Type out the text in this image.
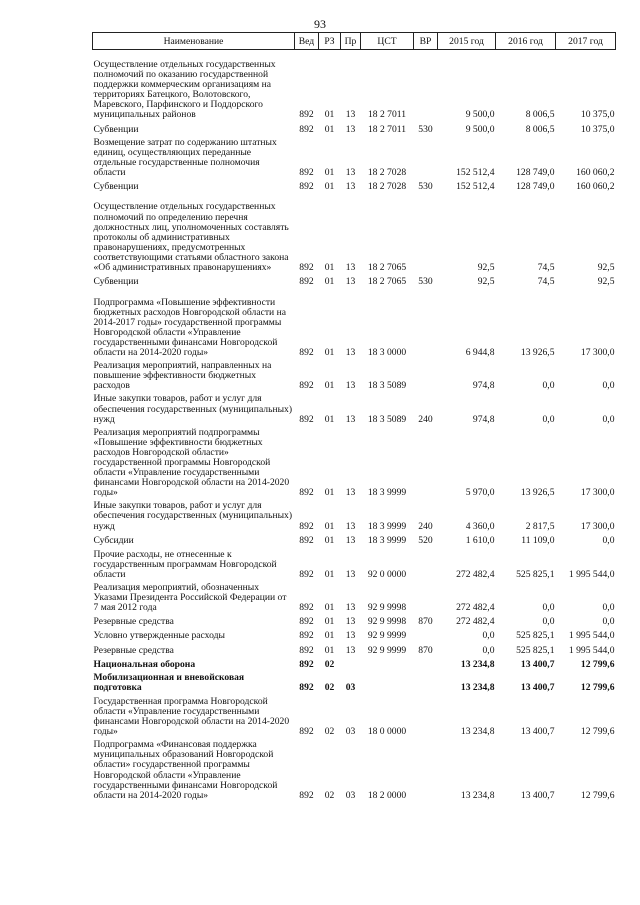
93
Наименование	Вед	РЗ	Пр	ЦСТ	ВР	2015 год	2016 год	2017 год
Осуществление отдельных государственных полномочий по оказанию государственной поддержки коммерческим организациям на территориях Батецкого, Волотовского, Маревского, Парфинского и Поддорского муниципальных районов	892	01	13	18 2 7011		9 500,0	8 006,5	10 375,0
Субвенции	892	01	13	18 2 7011	530	9 500,0	8 006,5	10 375,0
Возмещение затрат по содержанию штатных единиц, осуществляющих переданные отдельные государственные полномочия области	892	01	13	18 2 7028		152 512,4	128 749,0	160 060,2
Субвенции	892	01	13	18 2 7028	530	152 512,4	128 749,0	160 060,2
Осуществление отдельных государственных полномочий по определению перечня должностных лиц, уполномоченных составлять протоколы об административных правонарушениях, предусмотренных соответствующими статьями областного закона «Об административных правонарушениях»	892	01	13	18 2 7065		92,5	74,5	92,5
Субвенции	892	01	13	18 2 7065	530	92,5	74,5	92,5
Подпрограмма «Повышение эффективности бюджетных расходов Новгородской области на 2014-2017 годы» государственной программы Новгородской области «Управление государственными финансами Новгородской области на 2014-2020 годы»	892	01	13	18 3 0000		6 944,8	13 926,5	17 300,0
Реализация мероприятий, направленных на повышение эффективности бюджетных расходов	892	01	13	18 3 5089		974,8	0,0	0,0
Иные закупки товаров, работ и услуг для обеспечения государственных (муниципальных) нужд	892	01	13	18 3 5089	240	974,8	0,0	0,0
Реализация мероприятий подпрограммы «Повышение эффективности бюджетных расходов Новгородской области» государственной программы Новгородской области «Управление государственными финансами Новгородской области на 2014-2020 годы»	892	01	13	18 3 9999		5 970,0	13 926,5	17 300,0
Иные закупки товаров, работ и услуг для обеспечения государственных (муниципальных) нужд	892	01	13	18 3 9999	240	4 360,0	2 817,5	17 300,0
Субсидии	892	01	13	18 3 9999	520	1 610,0	11 109,0	0,0
Прочие расходы, не отнесенные к государственным программам Новгородской области	892	01	13	92 0 0000		272 482,4	525 825,1	1 995 544,0
Реализация мероприятий, обозначенных Указами Президента Российской Федерации от 7 мая 2012 года	892	01	13	92 9 9998		272 482,4	0,0	0,0
Резервные средства	892	01	13	92 9 9998	870	272 482,4	0,0	0,0
Условно утвержденные расходы	892	01	13	92 9 9999		0,0	525 825,1	1 995 544,0
Резервные средства	892	01	13	92 9 9999	870	0,0	525 825,1	1 995 544,0
Национальная оборона	892	02				13 234,8	13 400,7	12 799,6
Мобилизационная и вневойсковая подготовка	892	02	03			13 234,8	13 400,7	12 799,6
Государственная программа Новгородской области «Управление государственными финансами Новгородской области на 2014-2020 годы»	892	02	03	18 0 0000		13 234,8	13 400,7	12 799,6
Подпрограмма «Финансовая поддержка муниципальных образований Новгородской области» государственной программы Новгородской области «Управление государственными финансами Новгородской области на 2014-2020 годы»	892	02	03	18 2 0000		13 234,8	13 400,7	12 799,6
